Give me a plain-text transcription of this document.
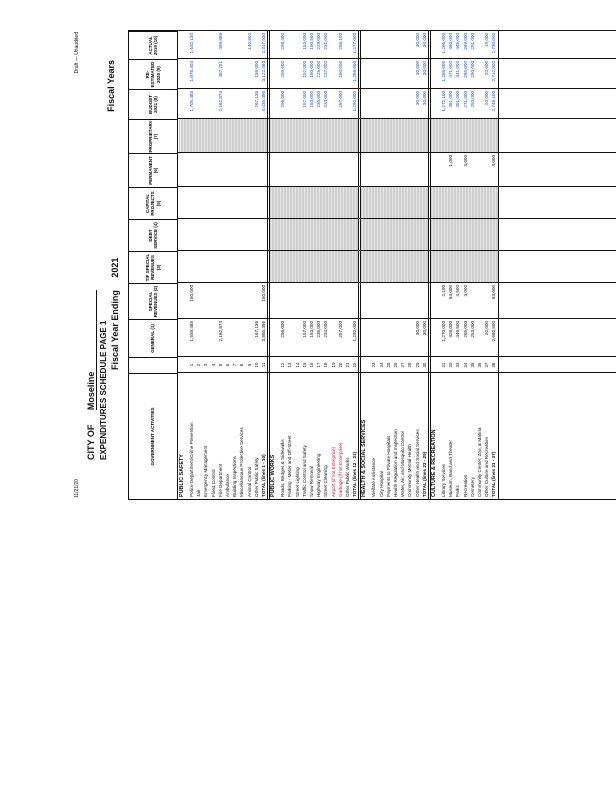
11/21/20
Draft — Unaudited
CITY OF Moseline EXPENDITURES SCHEDULE PAGE 1 Fiscal Year Ending 2021
Fiscal Years
GOVERNMENT ACTIVITIES
GENERAL (1)
SPECIAL REVENUES (2)
TIF SPECIAL REVENUES (3)
DEBT SERVICE (4)
CAPITAL PROJECTS (5)
PERMANENT (6)
PROPRIETARY (7)
BUDGET 2021 (8)
RE-ESTIMATED 2020 (9)
ACTUAL 2019 (10)
PUBLIC SAFETY Police Department/Crime Prevention
1
1,555,485
150,000
1,705,485
1,678,403
1,632,130
Jail
2
Emergency Management
3
Flood Control
4
Fire Department
5
2,162,874
2,162,874
487,751
489,888
Ambulance
6
Building Inspections
7
Miscellaneous Protective Services
8
Animal Control
9
140,602
Other Public Safety
10
167,136
167,136
158,000
TOTAL (lines 1 - 10)
11
3,885,495
150,000
4,035,495
3,122,383
2,317,530
PUBLIC WORKS Roads, Bridges & Sidewalks
12
256,000
256,000
255,000
258,400
Parking - Meter and Off-Street
13
Street Lighting
14
Traffic Control and Safety
15
157,000
157,000
152,000
153,000
Snow Removal
16
153,000
153,000
150,000
150,500
Highway Engineering
17
235,000
235,000
225,000
229,000
Street Cleaning
18
234,000
234,000
237,000
231,000
Airport (if not Enterprise)
19
Garbage (if not Enterprise)
20
257,000
257,000
250,000
255,100
Other Public Works
21
TOTAL (lines 12 - 21)
22
1,292,000
1,292,000
1,269,000
1,277,000
HEALTH & SOCIAL SERVICES Welfare Assistance
23
City Hospital
24
Payments to Private Hospitals
25
Health Regulation and Inspection
26
Water, Air, and Mosquito Control
27
Community Mental Health
28
Other Health and Social Services
29
30,000
30,000
30,000
30,000
TOTAL (lines 23 - 29)
30
30,000
30,000
30,000
30,000
CULTURE & RECREATION Library Services
31
1,270,000
2,100
1,272,100
1,265,000
1,266,000
Museum, Band and Theater
32
426,000
54,000
1,000
481,000
471,000
480,000
Parks
33
446,500
4,500
451,000
441,000
445,000
Recreation
34
265,000
3,000
3,000
271,000
265,000
269,000
Cemetery
35
253,000
253,000
250,000
251,000
Community Center, Zoo, & Marina
36
Other Culture and Recreation
37
20,000
20,000
20,000
19,000
TOTAL (lines 31 - 37)
38
2,680,500
63,600
4,000
2,748,100
2,712,000
2,730,000
